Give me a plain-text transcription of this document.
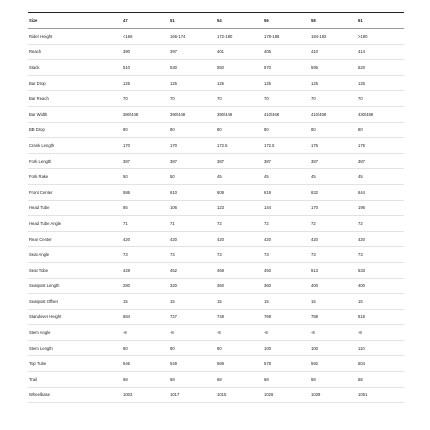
Size	47	51	54	56	58	61
Rider Height	<166	166-174	172-180	178-186	184-192	>190
Reach	390	397	401	405	410	414
Stack	510	530	550	570	595	620
Bar Drop	125	125	125	125	125	125
Bar Reach	70	70	70	70	70	70
Bar Width	380/448	390/448	390/448	410/468	410/468	430/488
BB Drop	80	80	80	80	80	80
Crank Length	170	170	172.5	172.5	175	175
Fork Length	387	387	387	387	387	387
Fork Rake	50	50	45	45	45	45
Front Center	586	610	608	619	632	644
Head Tube	85	106	123	144	170	196
Head Tube Angle	71	71	72	72	72	72
Rear Center	420	420	420	420	420	420
Seat Angle	73	73	73	73	73	73
Seat Tube	428	452	468	493	513	533
Seatpost Length	280	320	360	360	400	400
Seatpost Offset	15	15	15	15	15	15
Standover Height	684	727	748	769	788	818
Stem Angle	-8	-8	-8	-8	-8	-8
Stem Length	80	90	90	100	100	110
Top Tube	546	549	569	578	592	604
Trail	68	68	68	68	68	68
Wheelbase	1003	1017	1015	1026	1039	1051
